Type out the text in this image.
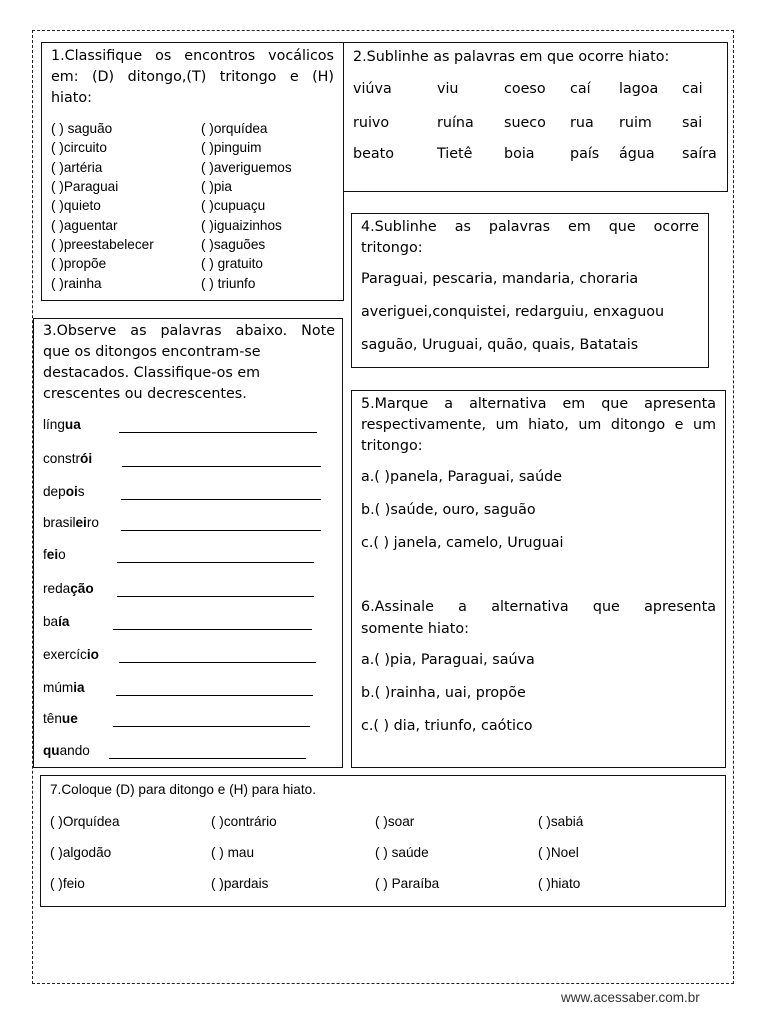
1.Classifique os encontros vocálicos
em: (D) ditongo,(T) tritongo e (H)
hiato:
( ) saguão
( )circuito
( )artéria
( )Paraguai
( )quieto
( )aguentar
( )preestabelecer
( )propõe
( )rainha
( )orquídea
( )pinguim
( )averiguemos
( )pia
( )cupuaçu
( )iguaizinhos
( )saguões
( ) gratuito
( ) triunfo
2.Sublinhe as palavras em que ocorre hiato:
viúva	viu	coeso caí lagoa cai
ruivo	ruína sueco rua ruim sai
beato	Tietê boia país água saíra
3.Observe as palavras abaixo. Note
que os ditongos encontram-se
destacados. Classifique-os em
crescentes ou decrescentes.
língua
constrói
depois
brasileiro
feio
redação
baía
exercício
múmia
tênue
quando
4.Sublinhe as palavras em que ocorre
tritongo:
Paraguai, pescaria, mandaria, choraria
averiguei,conquistei, redarguiu, enxaguou
saguão, Uruguai, quão, quais, Batatais
5.Marque a alternativa em que apresenta
respectivamente, um hiato, um ditongo e um
tritongo:
a.( )panela, Paraguai, saúde
b.( )saúde, ouro, saguão
c.( ) janela, camelo, Uruguai
6.Assinale a alternativa que apresenta
somente hiato:
a.( )pia, Paraguai, saúva
b.( )rainha, uai, propõe
c.( ) dia, triunfo, caótico
7.Coloque (D) para ditongo e (H) para hiato.
( )Orquídea	( )contrário	( )soar	( )sabiá
( )algodão	( ) mau	( ) saúde	( )Noel
( )feio	( )pardais	( ) Paraíba	( )hiato
www.acessaber.com.br
